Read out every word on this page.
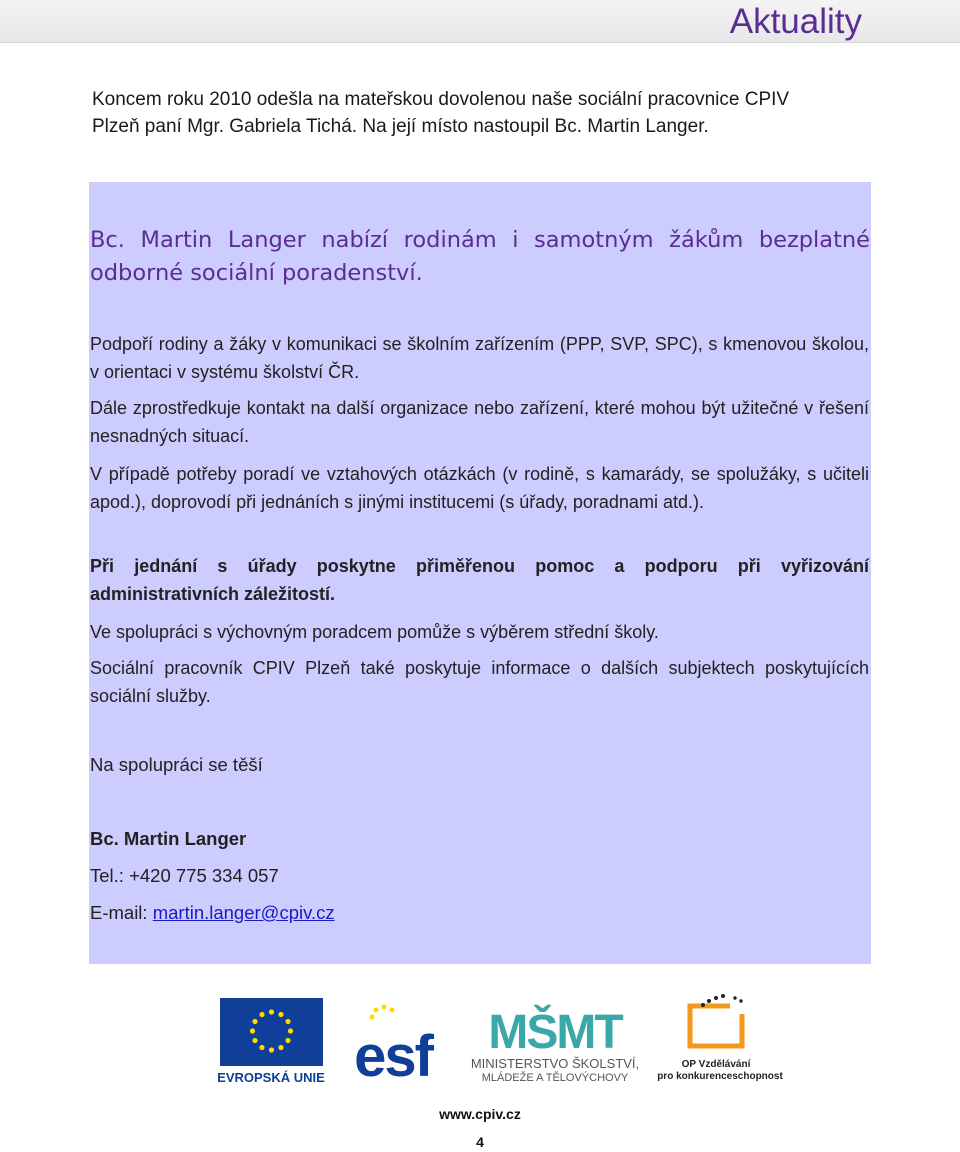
Aktuality
Koncem roku 2010 odešla na mateřskou dovolenou naše sociální pracovnice CPIV
Plzeň paní Mgr. Gabriela Tichá. Na její místo nastoupil Bc. Martin Langer.
Bc. Martin Langer nabízí rodinám i samotným žákům bezplatné odborné sociální poradenství.
Podpoří rodiny a žáky v komunikaci se školním zařízením (PPP, SVP, SPC), s kmenovou školou, v orientaci v systému školství ČR.
Dále zprostředkuje kontakt na další organizace nebo zařízení, které mohou být užitečné v řešení nesnadných situací.
V případě potřeby poradí ve vztahových otázkách (v rodině, s kamarády, se spolužáky, s učiteli apod.), doprovodí při jednáních s jinými institucemi (s úřady, poradnami atd.).
Při jednání s úřady poskytne přiměřenou pomoc a podporu při vyřizování administrativních záležitostí.
Ve spolupráci s výchovným poradcem pomůže s výběrem střední školy.
Sociální pracovník CPIV Plzeň také poskytuje informace o dalších subjektech poskytujících sociální služby.
Na spolupráci se těší
Bc. Martin Langer
Tel.: +420 775 334 057
E-mail: martin.langer@cpiv.cz
EVROPSKÁ UNIE esf MŠMT
MINISTERSTVO ŠKOLSTVÍ,
MLÁDEŽE A TĚLOVÝCHOVY
OP Vzdělávání
pro konkurenceschopnost
www.cpiv.cz
4
